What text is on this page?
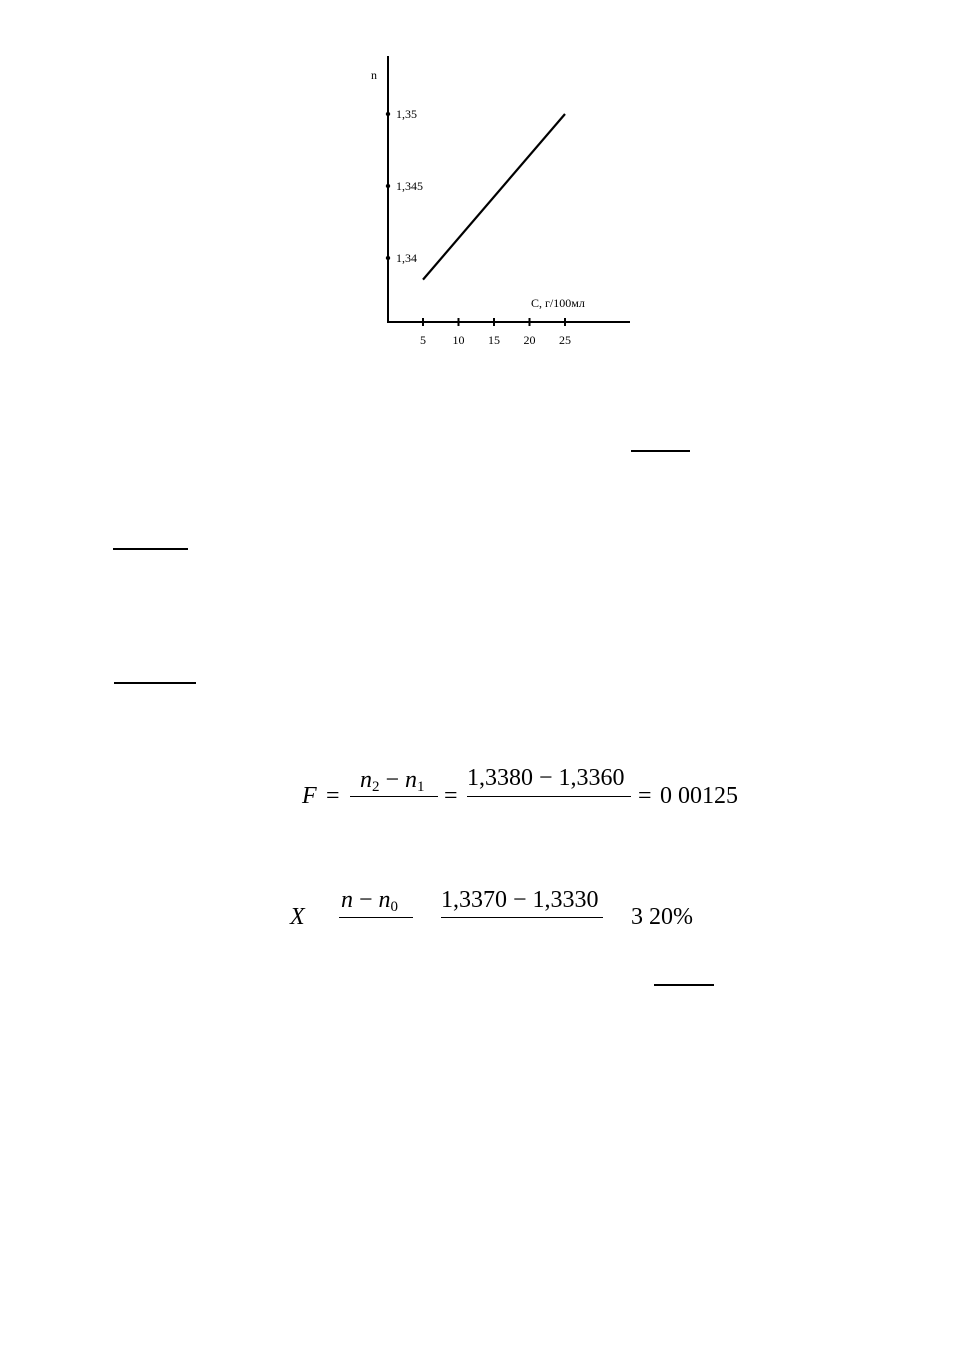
5 10 15 20 25
1,34
1,345
1,35
n
С, г/100мл
F =
$n_2 - n_1$ =
1,3380 − 1,3360
= 0 00125
X
$n - n_0$ 1,3370 − 1,3330
3 20%
